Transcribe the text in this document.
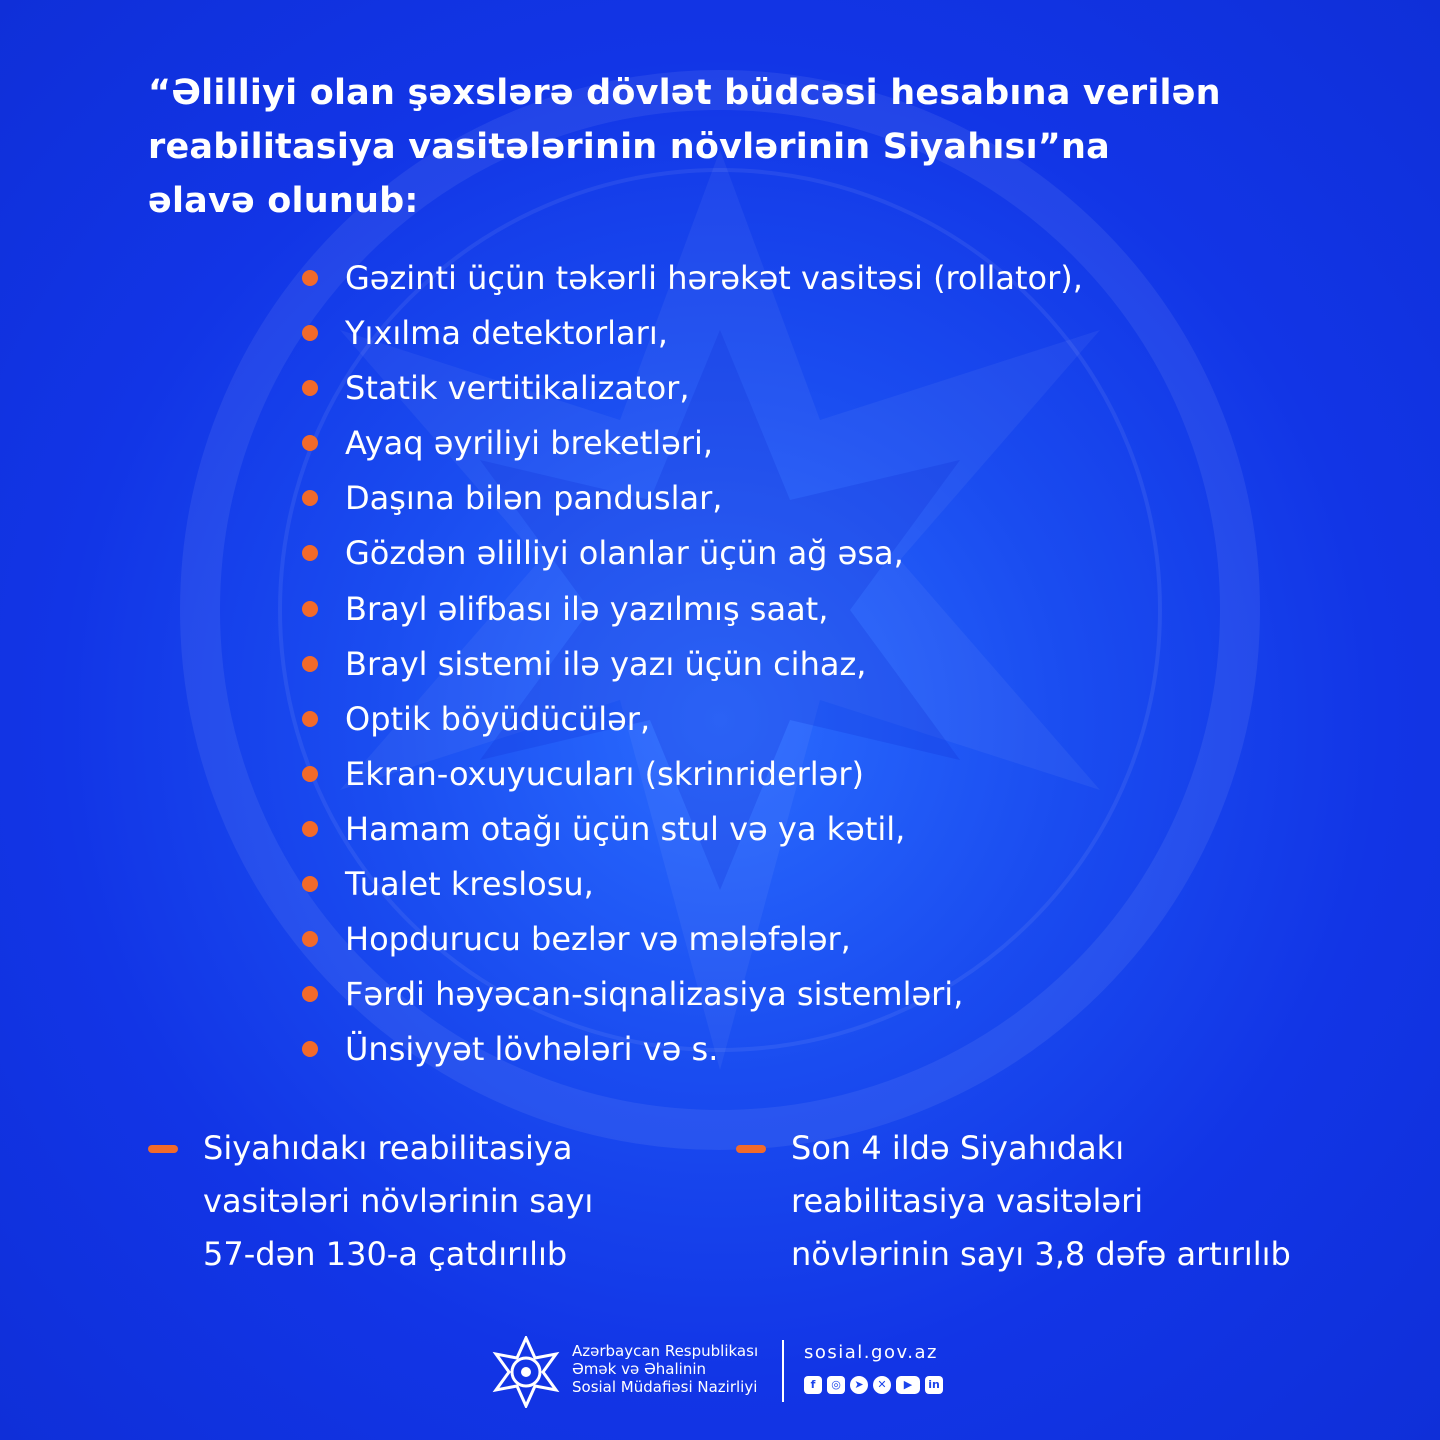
“Əlilliyi olan şəxslərə dövlət büdcəsi hesabına verilən
reabilitasiya vasitələrinin növlərinin Siyahısı”na
əlavə olunub:
Gəzinti üçün təkərli hərəkət vasitəsi (rollator),
Yıxılma detektorları,
Statik vertitikalizator,
Ayaq əyriliyi breketləri,
Daşına bilən panduslar,
Gözdən əlilliyi olanlar üçün ağ əsa,
Brayl əlifbası ilə yazılmış saat,
Brayl sistemi ilə yazı üçün cihaz,
Optik böyüdücülər,
Ekran-oxuyucuları (skrinriderlər)
Hamam otağı üçün stul və ya kətil,
Tualet kreslosu,
Hopdurucu bezlər və mələfələr,
Fərdi həyəcan-siqnalizasiya sistemləri,
Ünsiyyət lövhələri və s.
Siyahıdakı reabilitasiya
vasitələri növlərinin sayı
57-dən 130-a çatdırılıb
Son 4 ildə Siyahıdakı
reabilitasiya vasitələri
növlərinin sayı 3,8 dəfə artırılıb
Azərbaycan Respublikası
Əmək və Əhalinin
Sosial Müdafiəsi Nazirliyi
sosial.gov.az
f	◎	➤	✕	▶	in
